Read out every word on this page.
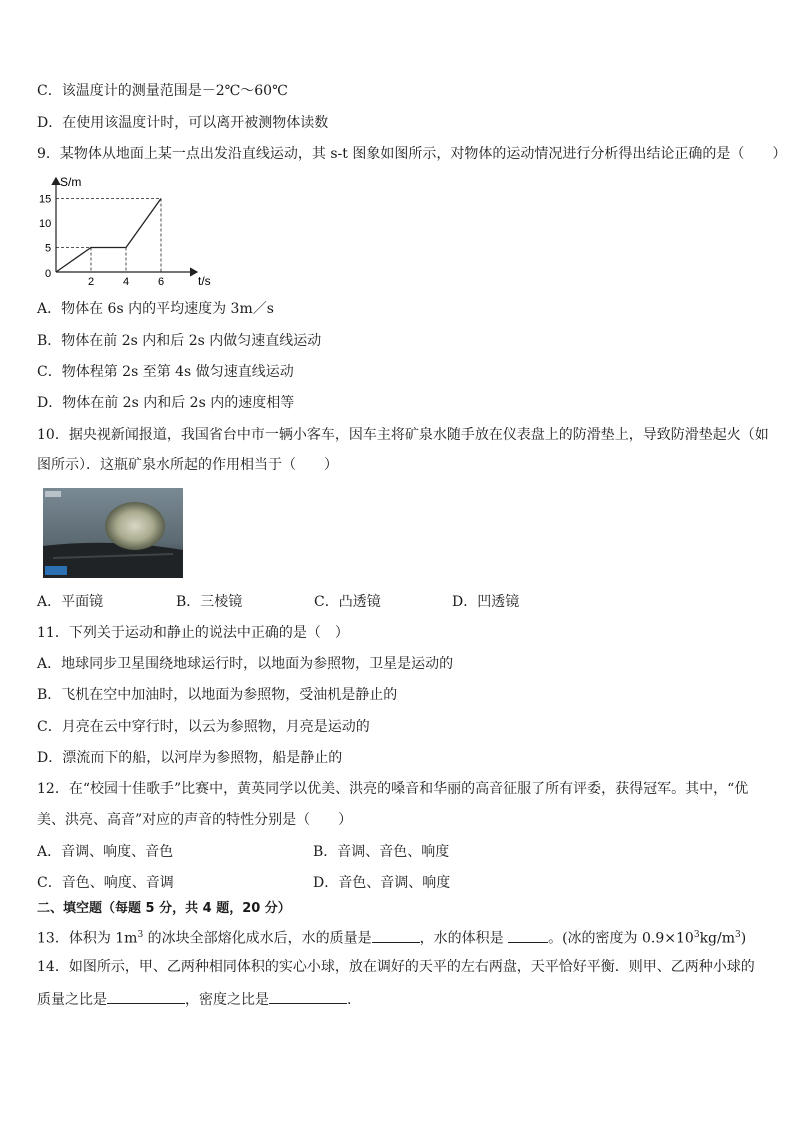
C．该温度计的测量范围是－2℃～60℃
D．在使用该温度计时，可以离开被测物体读数
9．某物体从地面上某一点出发沿直线运动，其 s-t 图象如图所示，对物体的运动情况进行分析得出结论正确的是（　　）
2	4	6
0
5
10
15
S/m
t/s
A．物体在 6s 内的平均速度为 3m／s
B．物体在前 2s 内和后 2s 内做匀速直线运动
C．物体程第 2s 至第 4s 做匀速直线运动
D．物体在前 2s 内和后 2s 内的速度相等
10．据央视新闻报道，我国省台中市一辆小客车，因车主将矿泉水随手放在仪表盘上的防滑垫上，导致防滑垫起火（如
图所示）．这瓶矿泉水所起的作用相当于（　　）
A．平面镜	B．三棱镜	C．凸透镜	D．凹透镜
11．下列关于运动和静止的说法中正确的是（　）
A．地球同步卫星围绕地球运行时，以地面为参照物，卫星是运动的
B．飞机在空中加油时，以地面为参照物，受油机是静止的
C．月亮在云中穿行时，以云为参照物，月亮是运动的
D．漂流而下的船，以河岸为参照物，船是静止的
12．在“校园十佳歌手”比赛中，黄英同学以优美、洪亮的嗓音和华丽的高音征服了所有评委，获得冠军。其中，“优
美、洪亮、高音”对应的声音的特性分别是（　　）
A．音调、响度、音色	B．音调、音色、响度
C．音色、响度、音调	D．音色、音调、响度
二、填空题（每题 5 分，共 4 题，20 分）
13．体积为 $1m^3$ 的冰块全部熔化成水后，水的质量是	，水的体积是	。(冰的密度为 $0.9\times 10^3kg/m^3$)
14．如图所示，甲、乙两种相同体积的实心小球，放在调好的天平的左右两盘，天平恰好平衡．则甲、乙两种小球的
质量之比是	，密度之比是	.
